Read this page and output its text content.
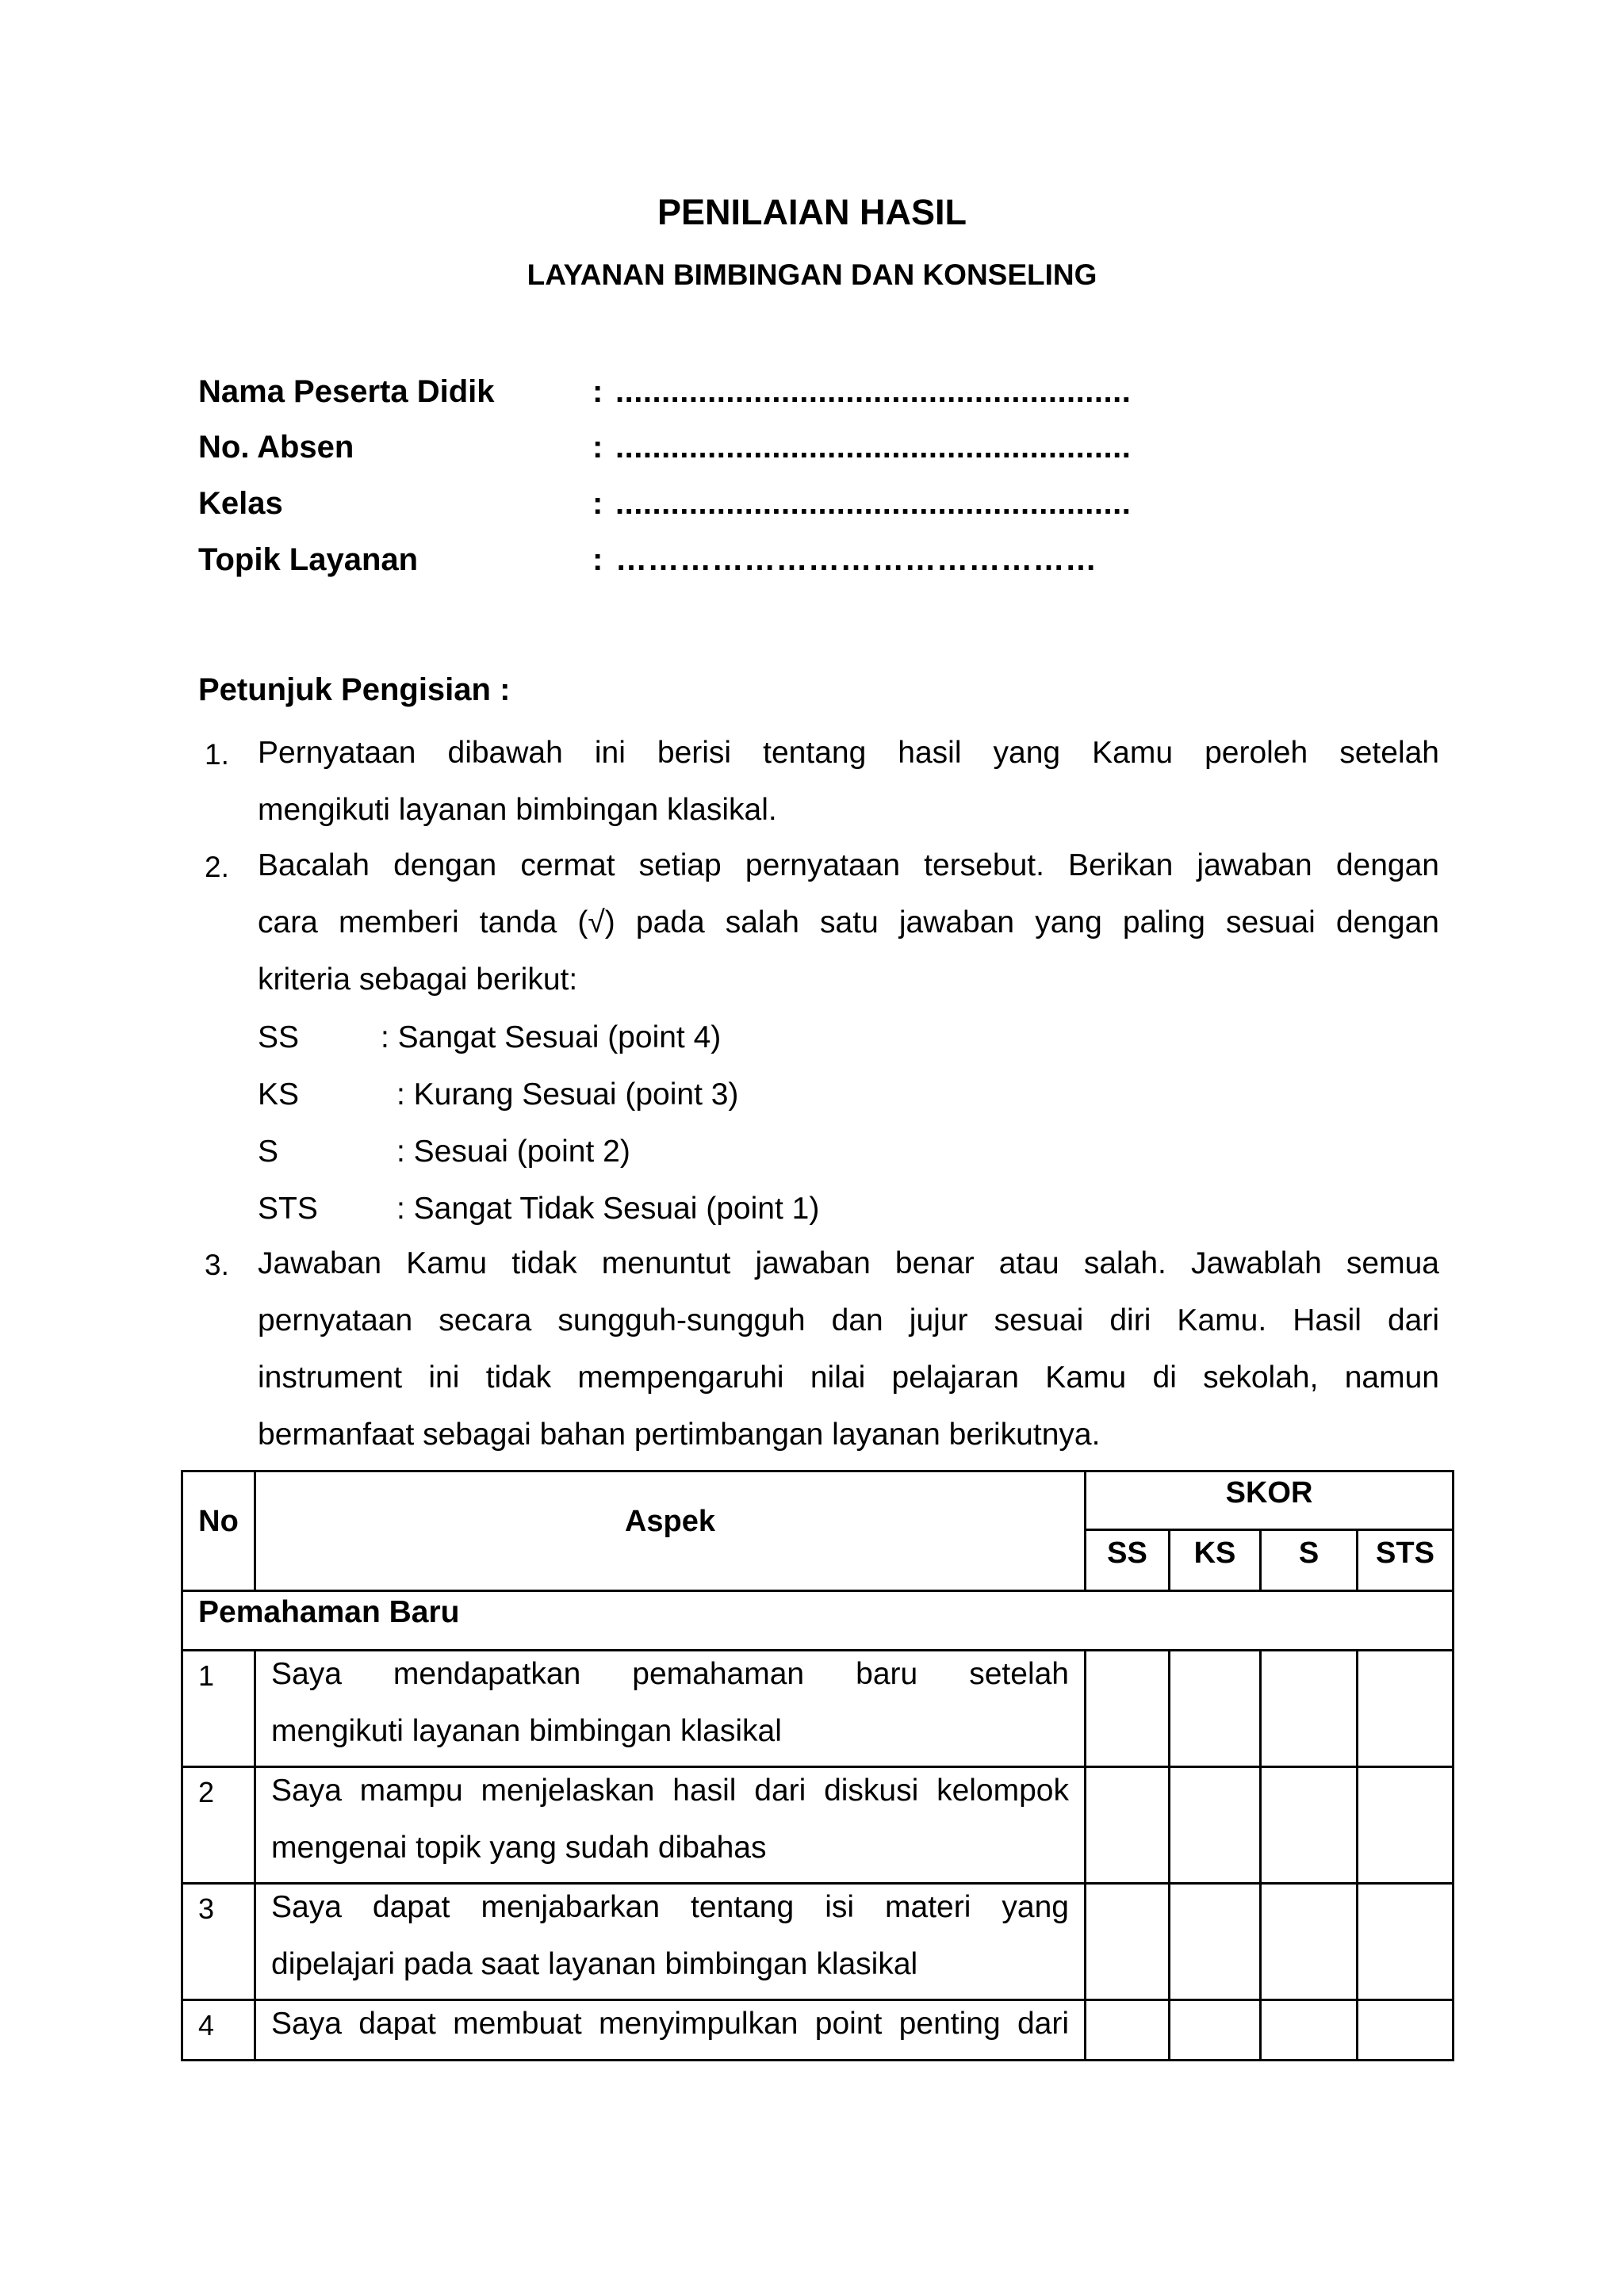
PENILAIAN HASIL
LAYANAN BIMBINGAN DAN KONSELING
Nama Peserta Didik	: ........................................................
No. Absen	: ........................................................
Kelas	: ........................................................
Topik Layanan	: ………………………………………
Petunjuk Pengisian :
1. Pernyataan dibawah ini berisi tentang hasil yang Kamu peroleh setelah
mengikuti layanan bimbingan klasikal.
2. Bacalah dengan cermat setiap pernyataan tersebut. Berikan jawaban dengan
cara memberi tanda (√) pada salah satu jawaban yang paling sesuai dengan
kriteria sebagai berikut:
SS	: Sangat Sesuai (point 4)
KS	: Kurang Sesuai (point 3)
S	: Sesuai (point 2)
STS	: Sangat Tidak Sesuai (point 1)
3. Jawaban Kamu tidak menuntut jawaban benar atau salah. Jawablah semua
pernyataan secara sungguh-sungguh dan jujur sesuai diri Kamu. Hasil dari
instrument ini tidak mempengaruhi nilai pelajaran Kamu di sekolah, namun
bermanfaat sebagai bahan pertimbangan layanan berikutnya.
No	Aspek
SKOR
SS	KS	S	STS
Pemahaman Baru
1 Saya mendapatkan pemahaman baru setelah
mengikuti layanan bimbingan klasikal
2 Saya mampu menjelaskan hasil dari diskusi kelompok
mengenai topik yang sudah dibahas
3 Saya dapat menjabarkan tentang isi materi yang
dipelajari pada saat layanan bimbingan klasikal
4 Saya dapat membuat menyimpulkan point penting dari
